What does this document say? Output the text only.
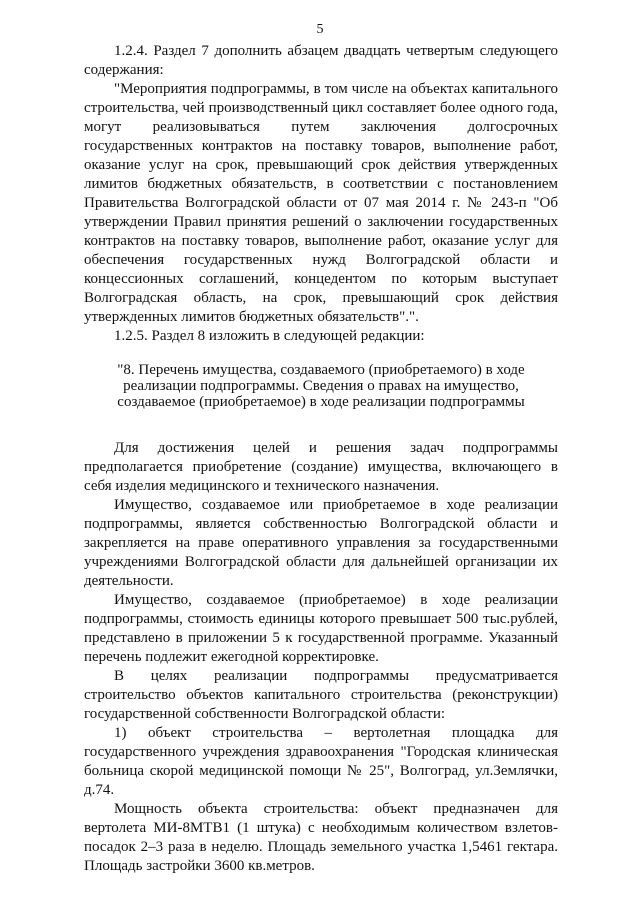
5

1.2.4. Раздел 7 дополнить абзацем двадцать четвертым следующего содержания:

"Мероприятия подпрограммы, в том числе на объектах капитального строительства, чей производственный цикл составляет более одного года, могут реализовываться путем заключения долгосрочных государственных контрактов на поставку товаров, выполнение работ, оказание услуг на срок, превышающий срок действия утвержденных лимитов бюджетных обязательств, в соответствии с постановлением Правительства Волгоградской области от 07 мая 2014 г. № 243-п "Об утверждении Правил принятия решений о заключении государственных контрактов на поставку товаров, выполнение работ, оказание услуг для обеспечения государственных нужд Волгоградской области и концессионных соглашений, концедентом по которым выступает Волгоградская область, на срок, превышающий срок действия утвержденных лимитов бюджетных обязательств".".

1.2.5. Раздел 8 изложить в следующей редакции:

"8. Перечень имущества, создаваемого (приобретаемого) в ходе реализации подпрограммы. Сведения о правах на имущество, создаваемое (приобретаемое) в ходе реализации подпрограммы

Для достижения целей и решения задач подпрограммы предполагается приобретение (создание) имущества, включающего в себя изделия медицинского и технического назначения.

Имущество, создаваемое или приобретаемое в ходе реализации подпрограммы, является собственностью Волгоградской области и закрепляется на праве оперативного управления за государственными учреждениями Волгоградской области для дальнейшей организации их деятельности.

Имущество, создаваемое (приобретаемое) в ходе реализации подпрограммы, стоимость единицы которого превышает 500 тыс.рублей, представлено в приложении 5 к государственной программе. Указанный перечень подлежит ежегодной корректировке.

В целях реализации подпрограммы предусматривается строительство объектов капитального строительства (реконструкции) государственной собственности Волгоградской области:

1) объект строительства – вертолетная площадка для государственного учреждения здравоохранения "Городская клиническая больница скорой медицинской помощи № 25", Волгоград, ул.Землячки, д.74.

Мощность объекта строительства: объект предназначен для вертолета МИ-8МТВ1 (1 штука) с необходимым количеством взлетов-посадок 2–3 раза в неделю. Площадь земельного участка 1,5461 гектара. Площадь застройки 3600 кв.метров.
